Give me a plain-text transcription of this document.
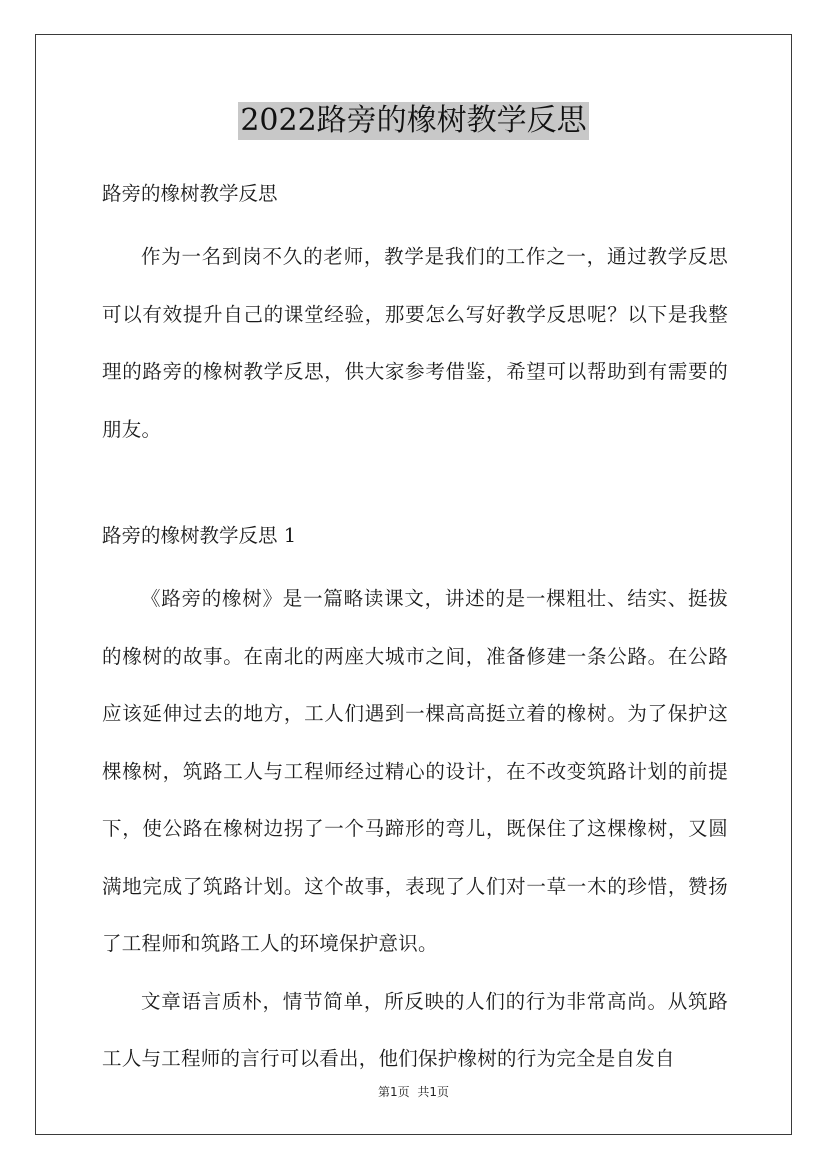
2022路旁的橡树教学反思

路旁的橡树教学反思

作为一名到岗不久的老师，教学是我们的工作之一，通过教学反思可以有效提升自己的课堂经验，那要怎么写好教学反思呢？以下是我整理的路旁的橡树教学反思，供大家参考借鉴，希望可以帮助到有需要的朋友。

路旁的橡树教学反思 1

《路旁的橡树》是一篇略读课文，讲述的是一棵粗壮、结实、挺拔的橡树的故事。在南北的两座大城市之间，准备修建一条公路。在公路应该延伸过去的地方，工人们遇到一棵高高挺立着的橡树。为了保护这棵橡树，筑路工人与工程师经过精心的设计，在不改变筑路计划的前提下，使公路在橡树边拐了一个马蹄形的弯儿，既保住了这棵橡树，又圆满地完成了筑路计划。这个故事，表现了人们对一草一木的珍惜，赞扬了工程师和筑路工人的环境保护意识。

文章语言质朴，情节简单，所反映的人们的行为非常高尚。从筑路工人与工程师的言行可以看出，他们保护橡树的行为完全是自发自

第1页 共1页
